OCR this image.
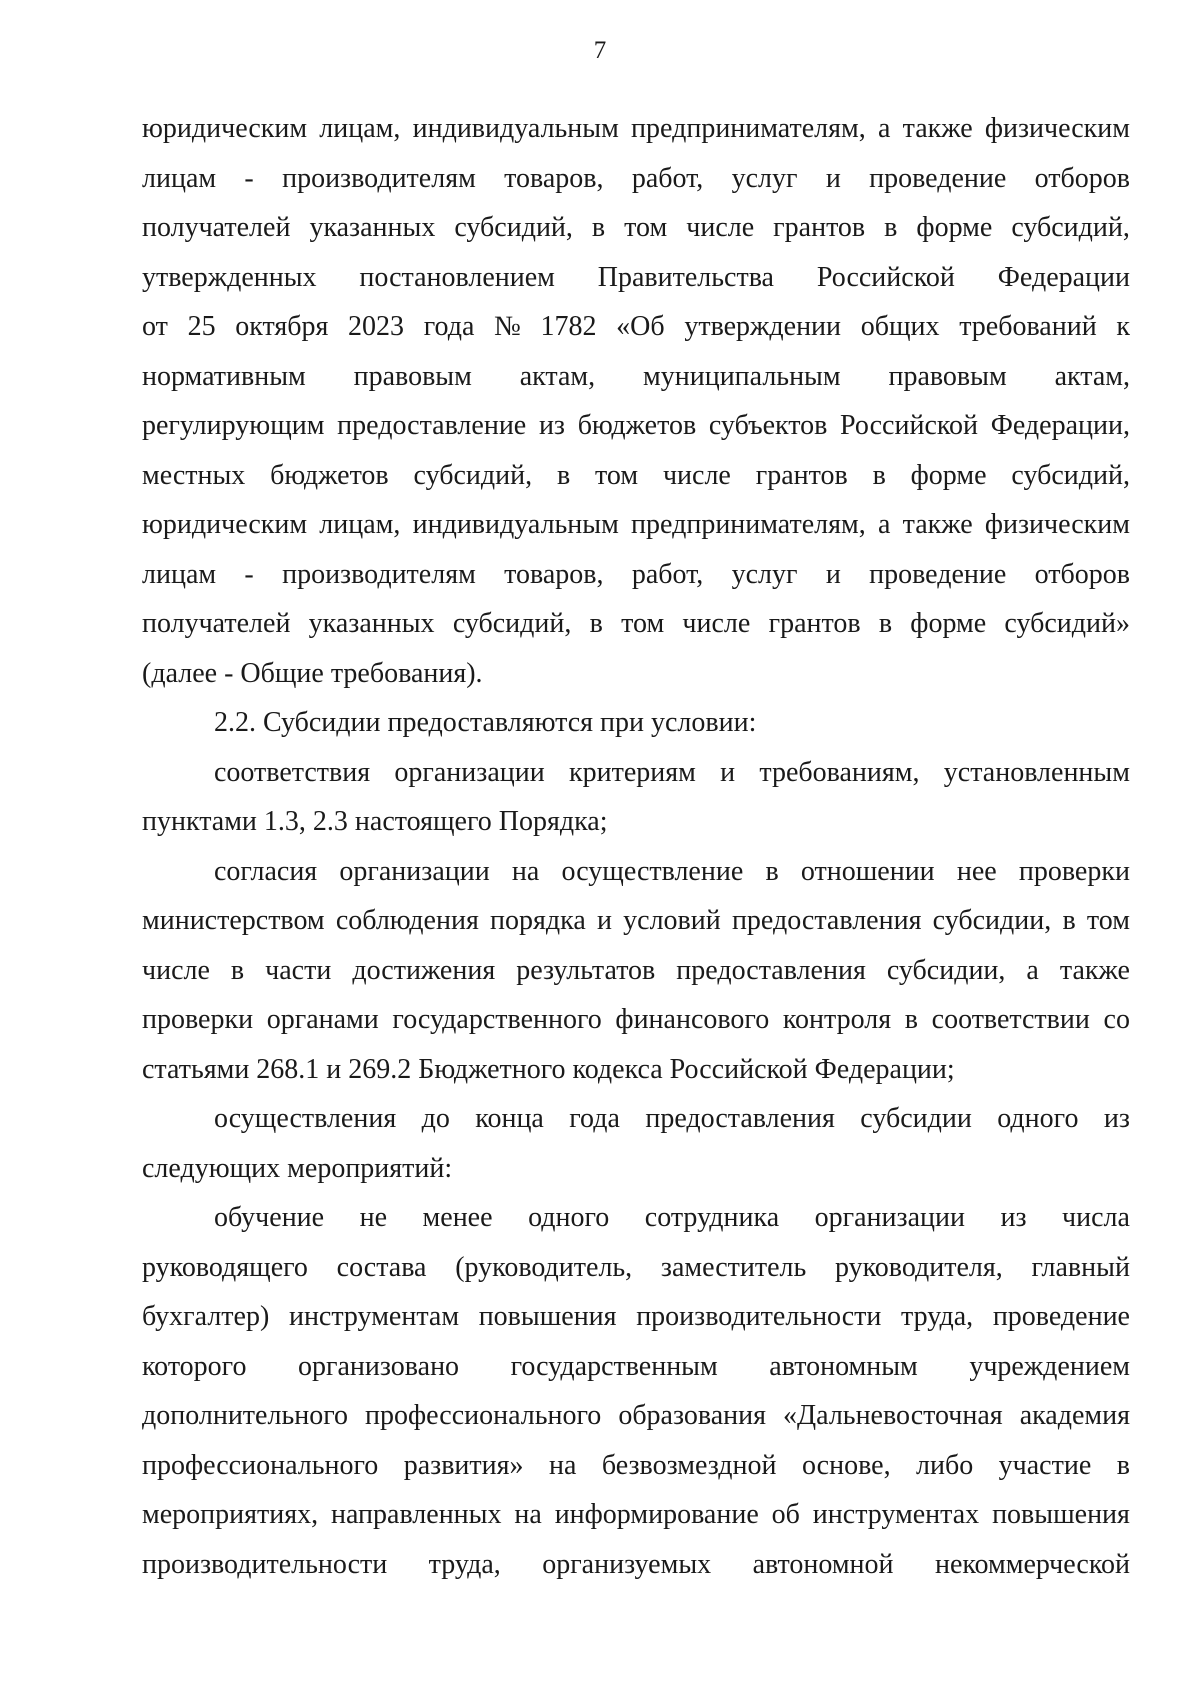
7
юридическим лицам, индивидуальным предпринимателям, а также физическим
лицам - производителям товаров, работ, услуг и проведение отборов
получателей указанных субсидий, в том числе грантов в форме субсидий,
утвержденных постановлением Правительства Российской Федерации
от 25 октября 2023 года № 1782 «Об утверждении общих требований к
нормативным правовым актам, муниципальным правовым актам,
регулирующим предоставление из бюджетов субъектов Российской Федерации,
местных бюджетов субсидий, в том числе грантов в форме субсидий,
юридическим лицам, индивидуальным предпринимателям, а также физическим
лицам - производителям товаров, работ, услуг и проведение отборов
получателей указанных субсидий, в том числе грантов в форме субсидий»
(далее - Общие требования).
2.2. Субсидии предоставляются при условии:
соответствия организации критериям и требованиям, установленным
пунктами 1.3, 2.3 настоящего Порядка;
согласия организации на осуществление в отношении нее проверки
министерством соблюдения порядка и условий предоставления субсидии, в том
числе в части достижения результатов предоставления субсидии, а также
проверки органами государственного финансового контроля в соответствии со
статьями 268.1 и 269.2 Бюджетного кодекса Российской Федерации;
осуществления до конца года предоставления субсидии одного из
следующих мероприятий:
обучение не менее одного сотрудника организации из числа
руководящего состава (руководитель, заместитель руководителя, главный
бухгалтер) инструментам повышения производительности труда, проведение
которого организовано государственным автономным учреждением
дополнительного профессионального образования «Дальневосточная академия
профессионального развития» на безвозмездной основе, либо участие в
мероприятиях, направленных на информирование об инструментах повышения
производительности труда, организуемых автономной некоммерческой
